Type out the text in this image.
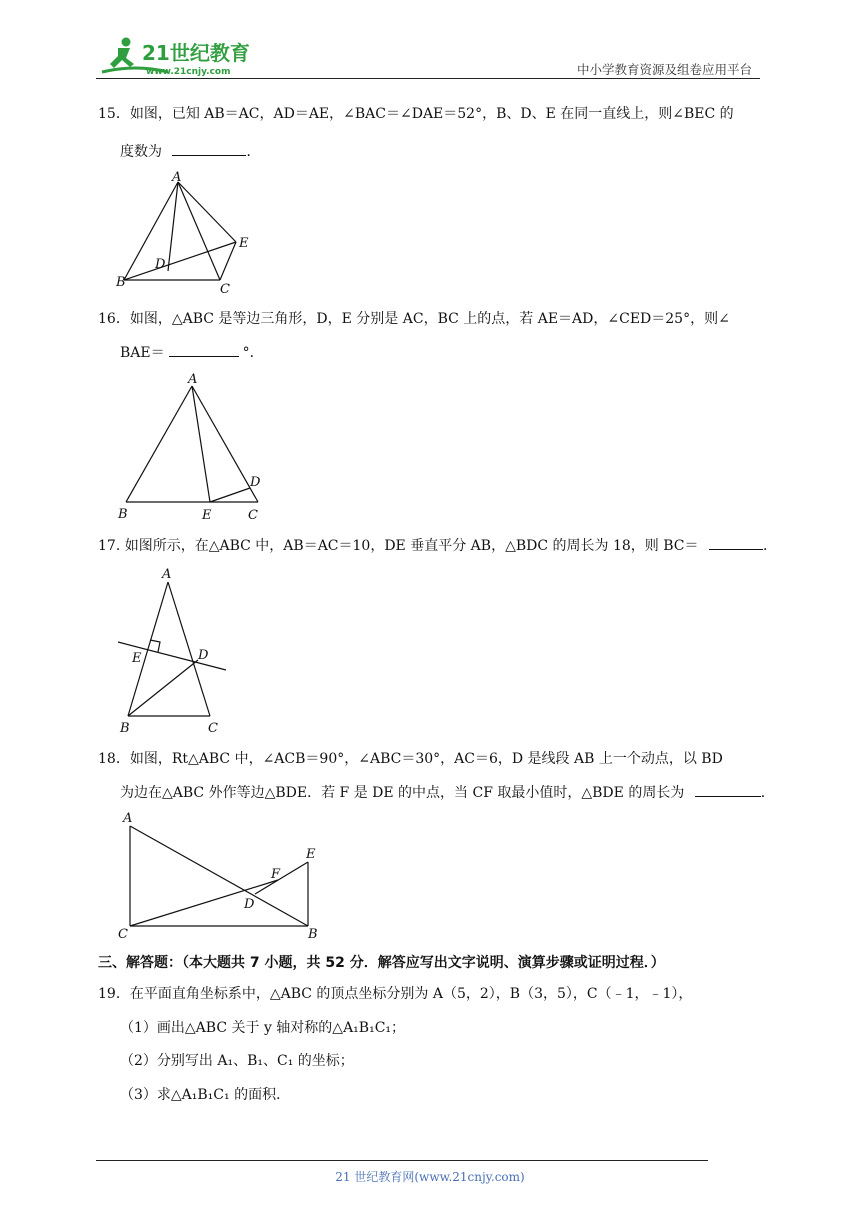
21世纪教育
www.21cnjy.com	中小学教育资源及组卷应用平台
15．如图，已知 AB＝AC，AD＝AE，∠BAC＝∠DAE＝52°，B、D、E 在同一直线上，则∠BEC 的
度数为	．
A
B	C
D
E
16．如图，△ABC 是等边三角形，D，E 分别是 AC，BC 上的点，若 AE＝AD，∠CED＝25°，则∠
BAE＝	°．
A
B	C
D
E
17. 如图所示，在△ABC 中，AB＝AC＝10，DE 垂直平分 AB，△BDC 的周长为 18，则 BC＝	．
A
B	C
D
E
18．如图，Rt△ABC 中，∠ACB＝90°，∠ABC＝30°，AC＝6，D 是线段 AB 上一个动点，以 BD
为边在△ABC 外作等边△BDE．若 F 是 DE 的中点，当 CF 取最小值时，△BDE 的周长为	．
A
B
C
D
E
F
三、解答题：（本大题共 7 小题，共 52 分．解答应写出文字说明、演算步骤或证明过程．）
19．在平面直角坐标系中，△ABC 的顶点坐标分别为 A（5，2），B（3，5），C（﹣1，﹣1），
（1）画出△ABC 关于 y 轴对称的△A₁B₁C₁；
（2）分别写出 A₁、B₁、C₁ 的坐标；
（3）求△A₁B₁C₁ 的面积．
21 世纪教育网(www.21cnjy.com)
